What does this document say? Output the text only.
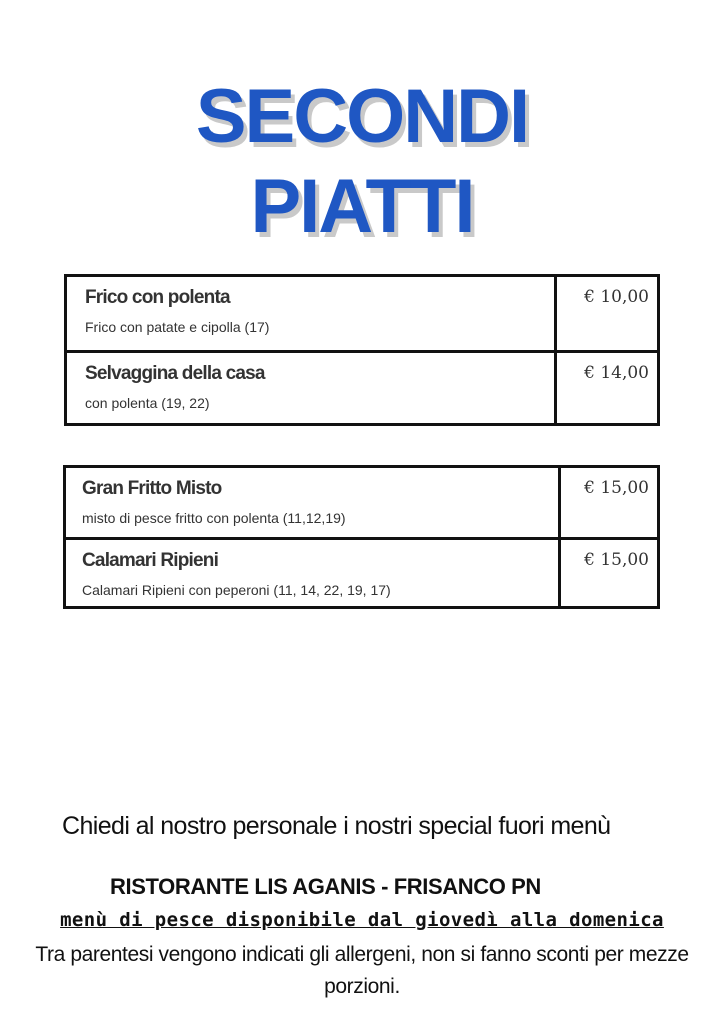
SECONDI
PIATTI
Frico con polenta
Frico con patate e cipolla (17)
€ 10,00
Selvaggina della casa
con polenta (19, 22)
€ 14,00
Gran Fritto Misto
misto di pesce fritto con polenta (11,12,19)
€ 15,00
Calamari Ripieni
Calamari Ripieni con peperoni (11, 14, 22, 19, 17)
€ 15,00

Chiedi al nostro personale i nostri special fuori menù

RISTORANTE LIS AGANIS - FRISANCO PN

menù di pesce disponibile dal giovedì alla domenica

Tra parentesi vengono indicati gli allergeni, non si fanno sconti per mezze porzioni.
